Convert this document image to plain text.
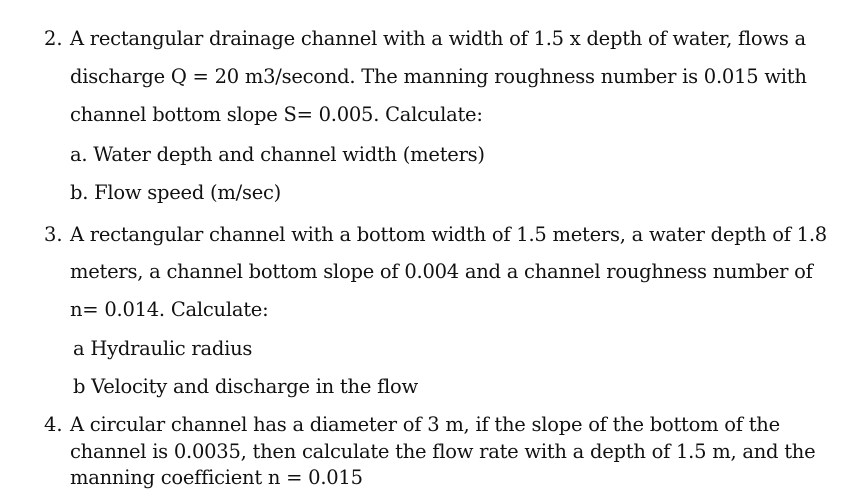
2. A rectangular drainage channel with a width of 1.5 x depth of water, flows a
discharge Q = 20 m3/second. The manning roughness number is 0.015 with
channel bottom slope S= 0.005. Calculate:
a. Water depth and channel width (meters)
b. Flow speed (m/sec)
3. A rectangular channel with a bottom width of 1.5 meters, a water depth of 1.8
meters, a channel bottom slope of 0.004 and a channel roughness number of
n= 0.014. Calculate:
a Hydraulic radius
b Velocity and discharge in the flow
4. A circular channel has a diameter of 3 m, if the slope of the bottom of the
channel is 0.0035, then calculate the flow rate with a depth of 1.5 m, and the
manning coefficient n = 0.015
